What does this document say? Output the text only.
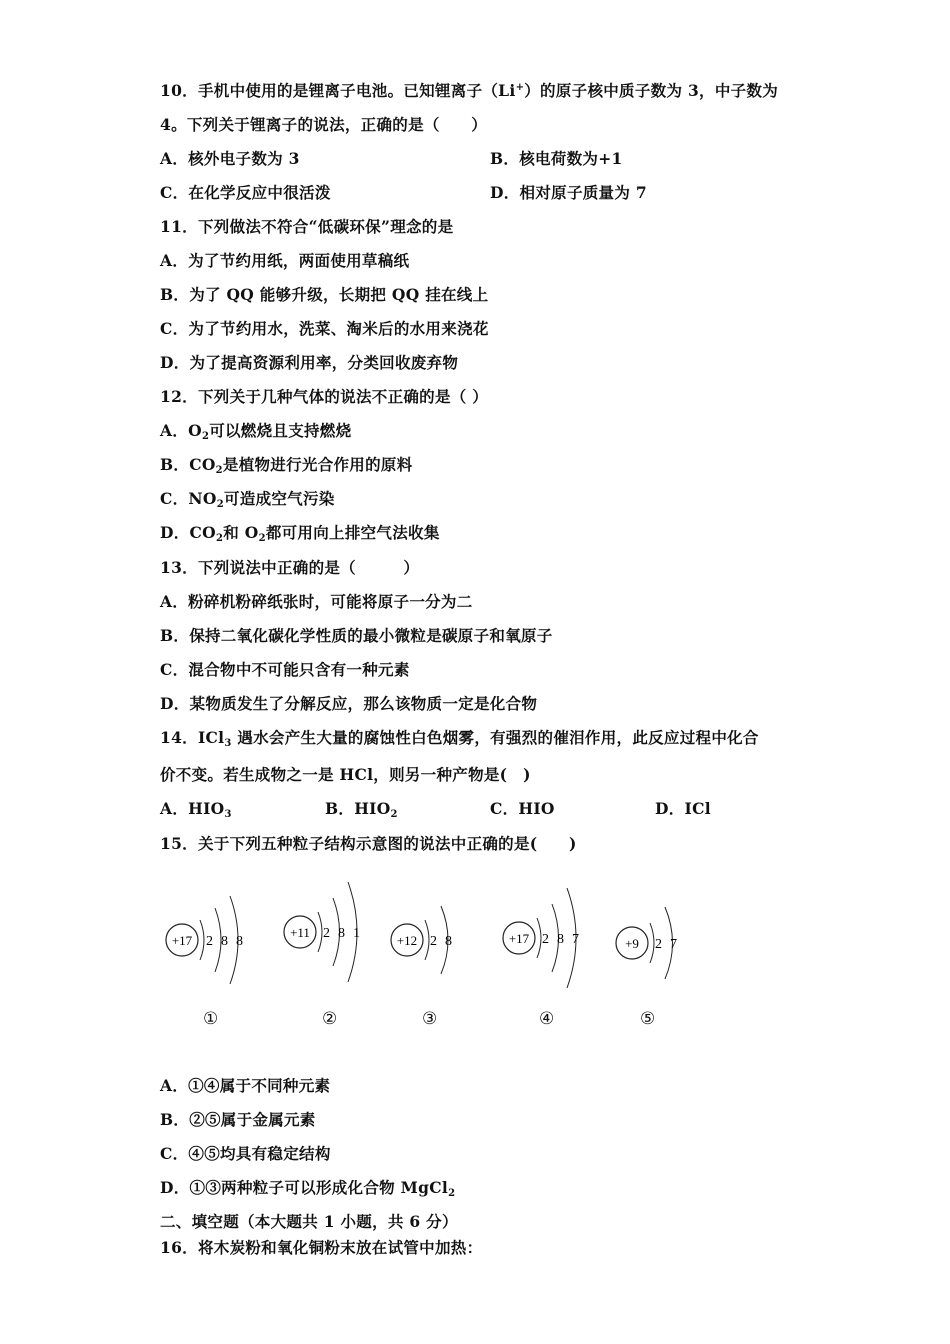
10．手机中使用的是锂离子电池。已知锂离子（Li+）的原子核中质子数为 3，中子数为
4。下列关于锂离子的说法，正确的是（　　）
A．核外电子数为 3	B．核电荷数为+1
C．在化学反应中很活泼	D．相对原子质量为 7
11．下列做法不符合“低碳环保”理念的是
A．为了节约用纸，两面使用草稿纸
B．为了 QQ 能够升级，长期把 QQ 挂在线上
C．为了节约用水，洗菜、淘米后的水用来浇花
D．为了提高资源利用率，分类回收废弃物
12．下列关于几种气体的说法不正确的是（ ）
A．$O_2$可以燃烧且支持燃烧
B．$CO_2$是植物进行光合作用的原料
C．$NO_2$可造成空气污染
D．$CO_2$和 $O_2$都可用向上排空气法收集
13．下列说法中正确的是（　　　）
A．粉碎机粉碎纸张时，可能将原子一分为二
B．保持二氧化碳化学性质的最小微粒是碳原子和氧原子
C．混合物中不可能只含有一种元素
D．某物质发生了分解反应，那么该物质一定是化合物
14．ICl$_3$ 遇水会产生大量的腐蚀性白色烟雾，有强烈的催泪作用，此反应过程中化合
价不变。若生成物之一是 HCl，则另一种产物是(　)
A．$HIO_3$	B．$HIO_2$	C．HIO	D．ICl
15．关于下列五种粒子结构示意图的说法中正确的是(　　)
+17 2 8 8
+11 2 8 1	+12 2 8	+17 2 8 7	+9 2 7
①	②	③	④	⑤
A．①④属于不同种元素
B．②⑤属于金属元素
C．④⑤均具有稳定结构
D．①③两种粒子可以形成化合物 MgCl$_2$
二、填空题（本大题共 1 小题，共 6 分）
16．将木炭粉和氧化铜粉末放在试管中加热：
